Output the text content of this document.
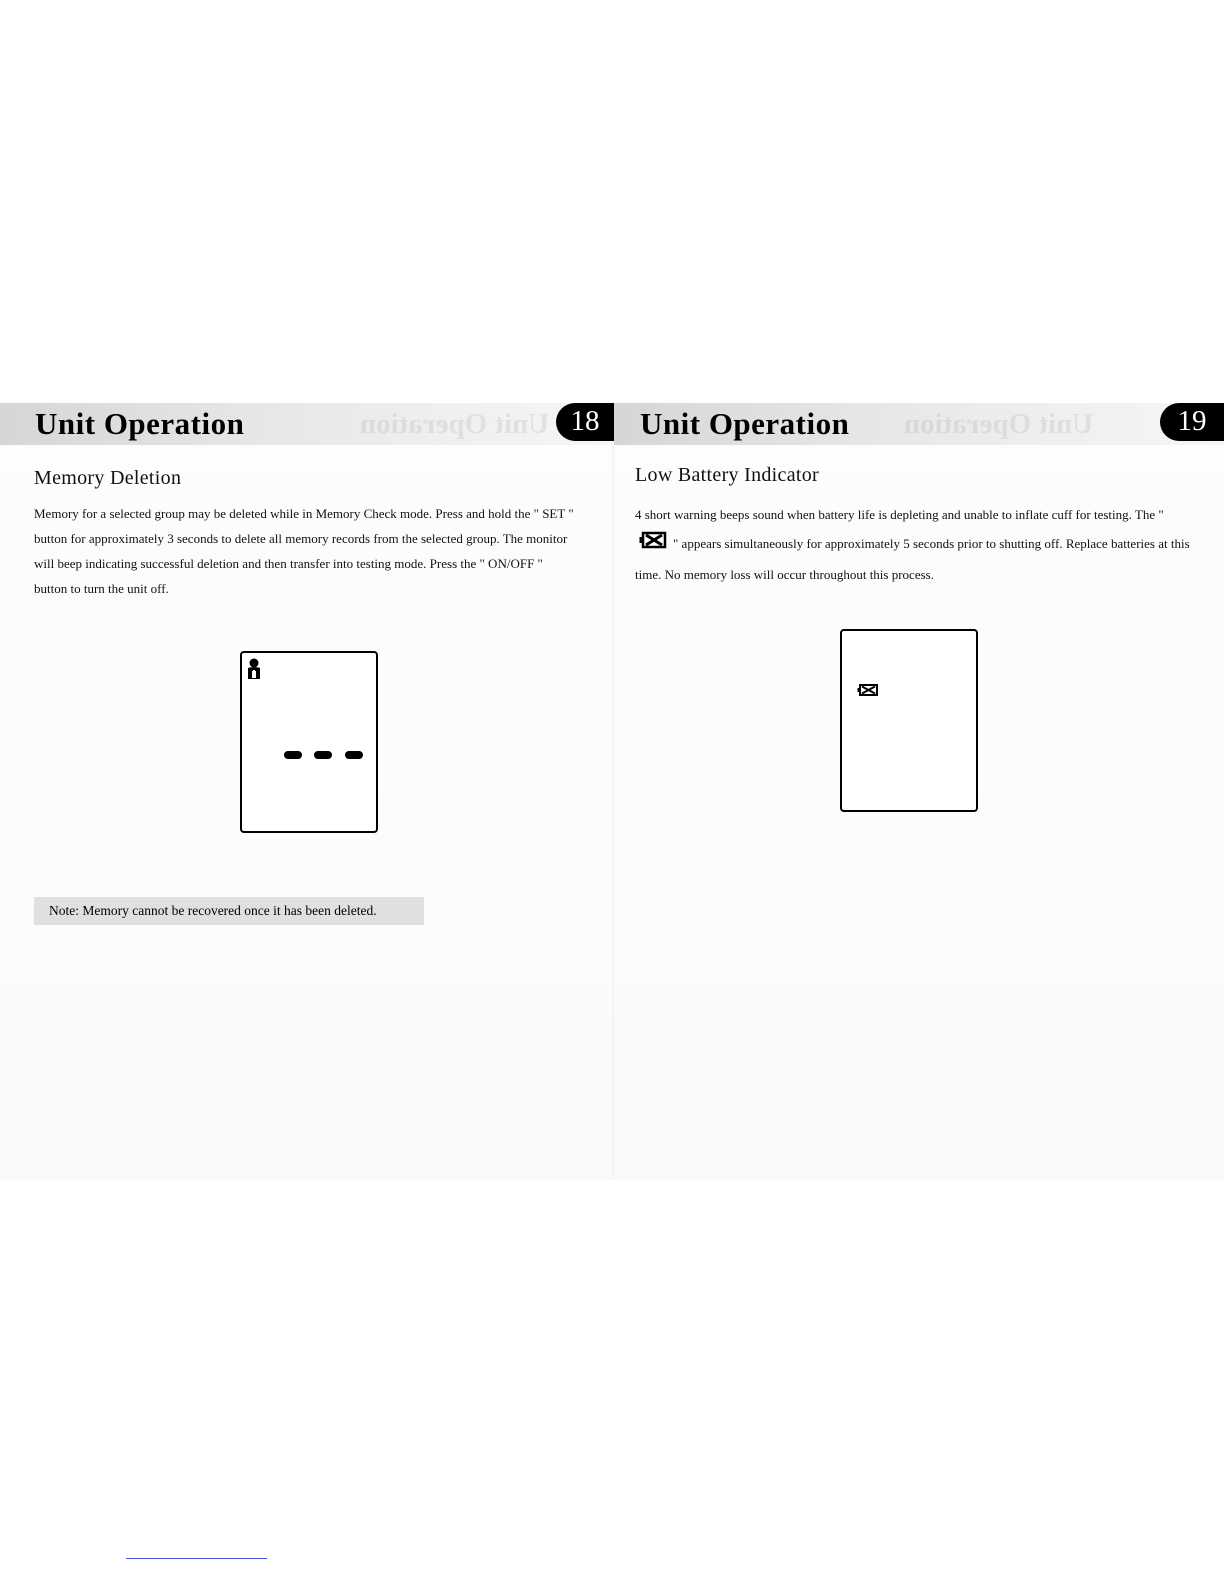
Unit Operation
Unit Operation	18
Memory Deletion

Memory for a selected group may be deleted while in Memory Check mode. Press and hold the " SET " button for approximately 3 seconds to delete all memory records from the selected group. The monitor will beep indicating successful deletion and then transfer into testing mode. Press the " ON/OFF " button to turn the unit off.

Note: Memory cannot be recovered once it has been deleted.
Unit Operation
Unit Operation	19
Low Battery Indicator

4 short warning beeps sound when battery life is depleting and unable to inflate cuff for testing. The "" appears simultaneously for approximately 5 seconds prior to shutting off. Replace batteries at this time. No memory loss will occur throughout this process.
